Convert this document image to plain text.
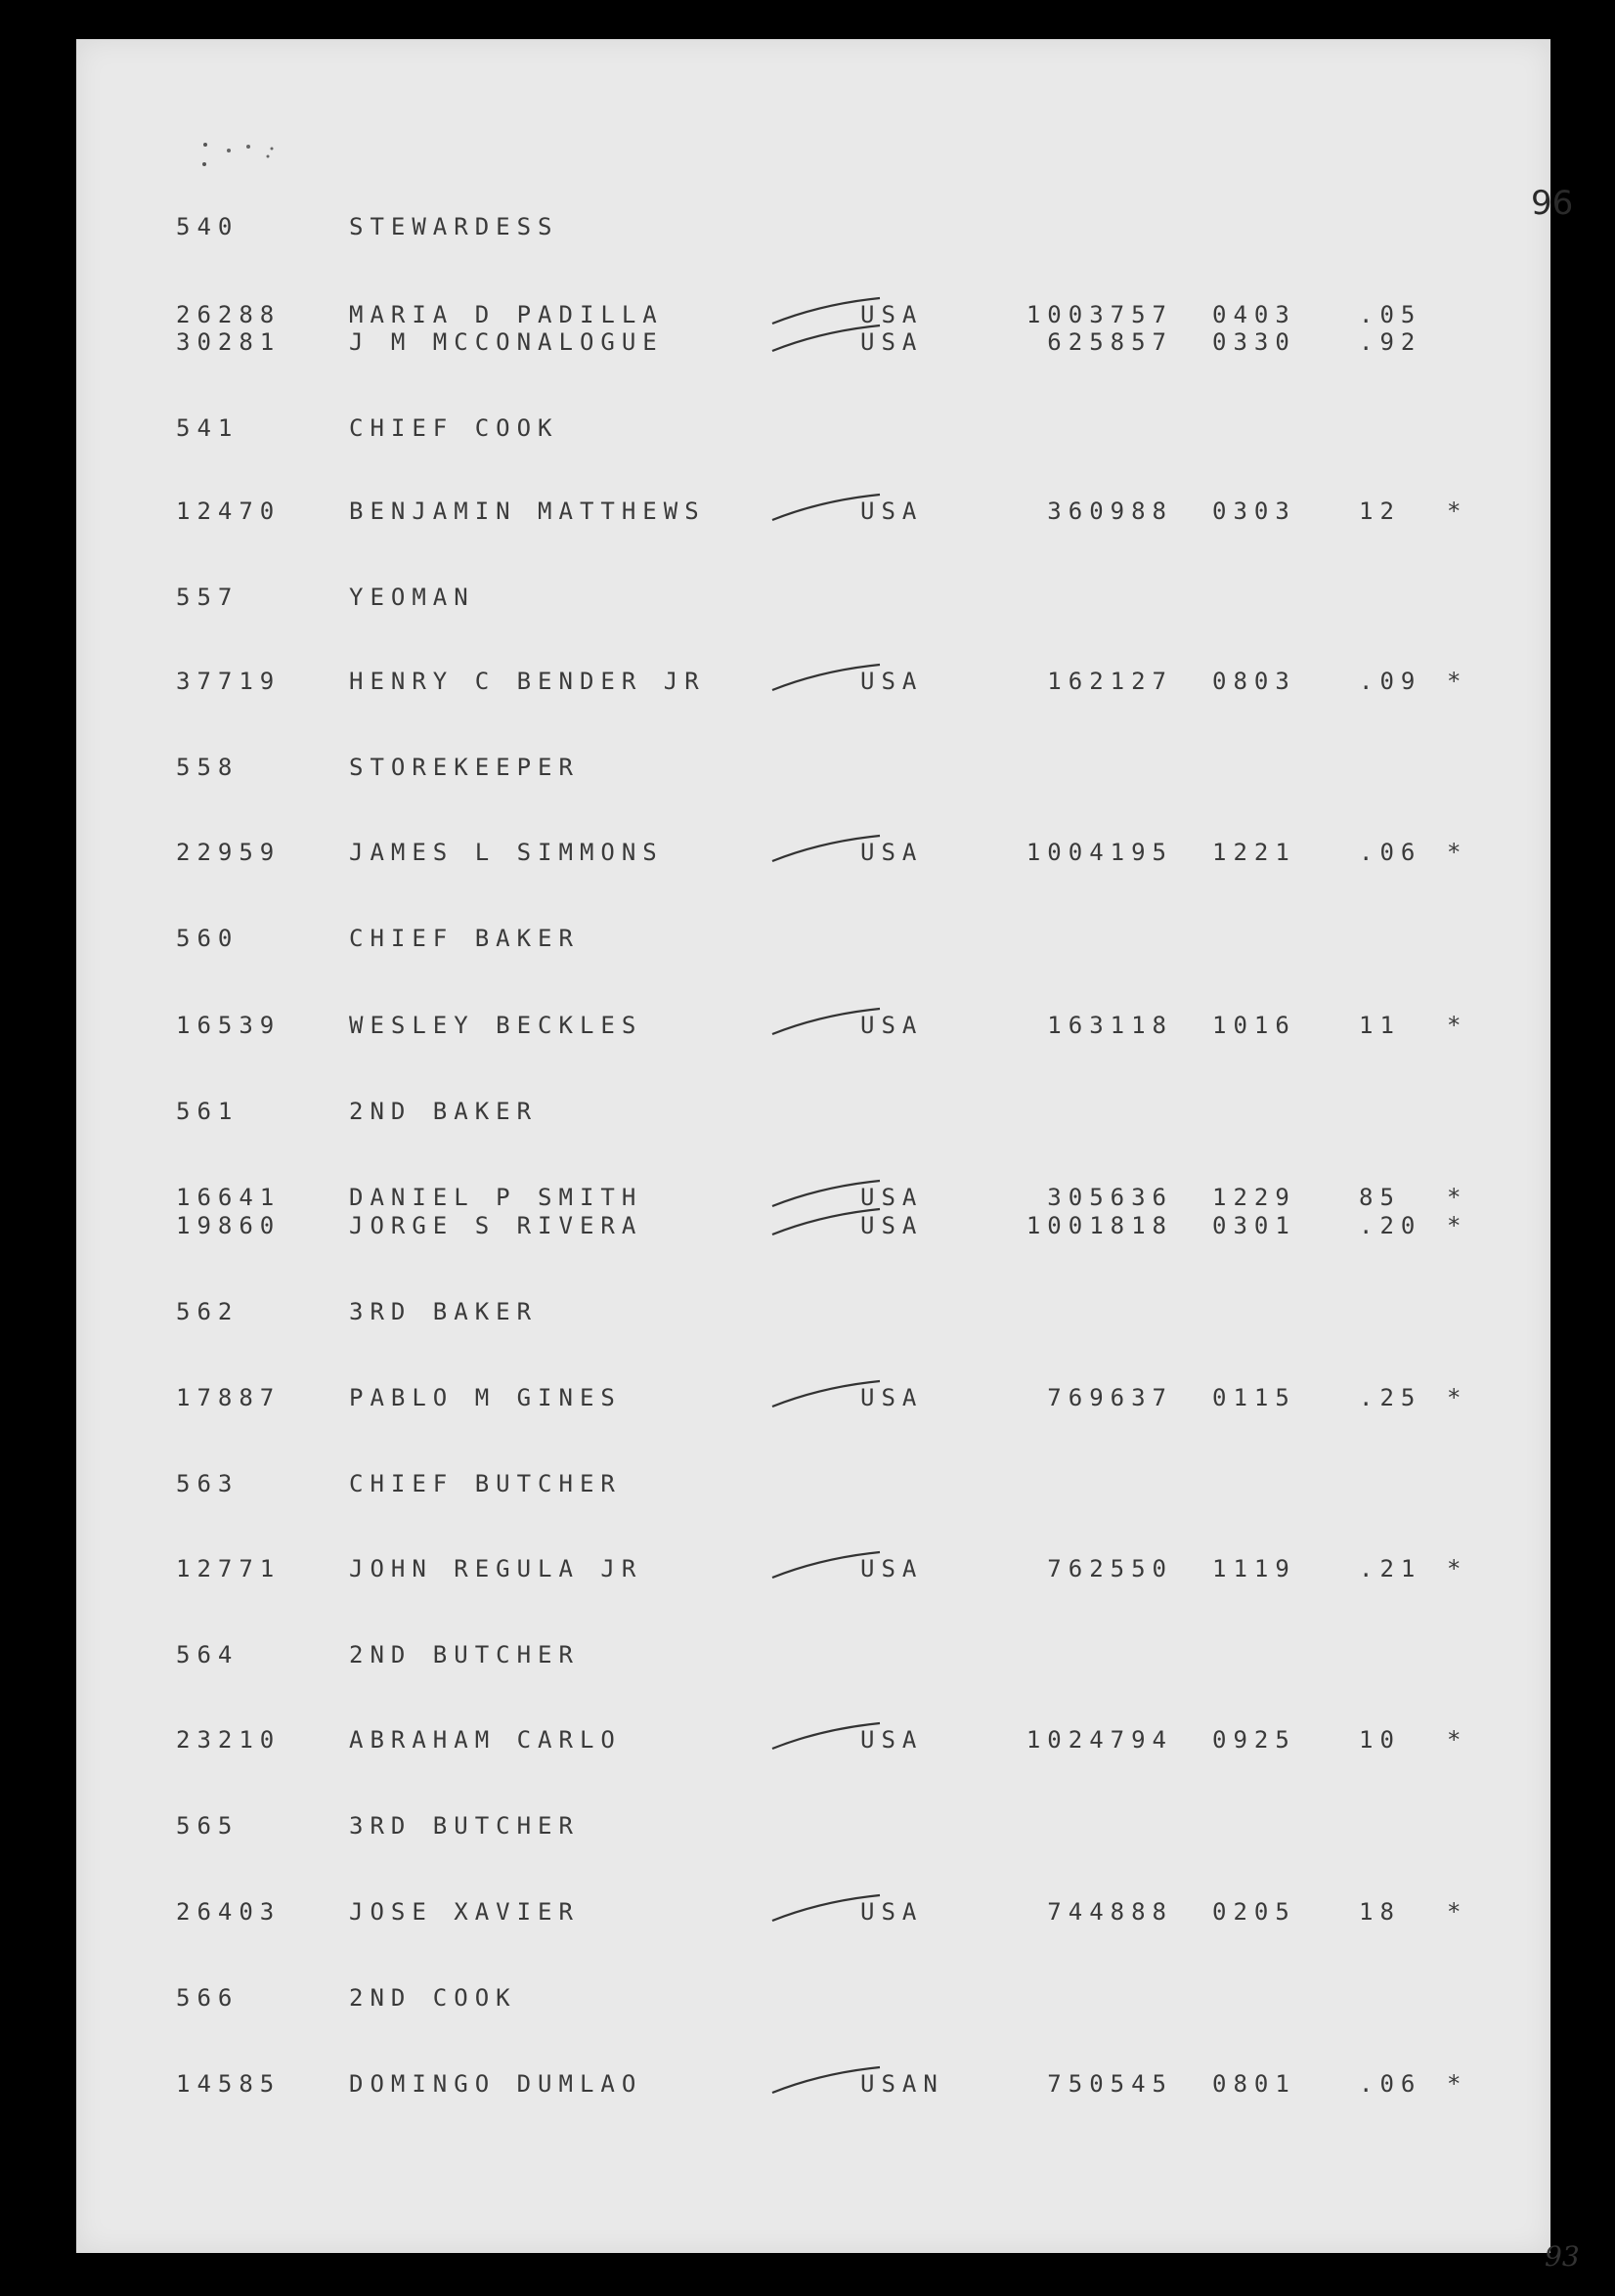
96
93
540	STEWARDESS
26288	MARIA D PADILLA	USA	1003757 0403	.05
30281	J M MCCONALOGUE	USA	625857 0330	.92
541	CHIEF COOK
12470	BENJAMIN MATTHEWS	USA	360988 0303	12 *
557	YEOMAN
37719	HENRY C BENDER JR	USA	162127 0803	.09 *
558	STOREKEEPER
22959	JAMES L SIMMONS	USA	1004195 1221	.06 *
560	CHIEF BAKER
16539	WESLEY BECKLES	USA	163118 1016	11 *
561	2ND BAKER
16641	DANIEL P SMITH	USA	305636 1229	85 *
19860	JORGE S RIVERA	USA	1001818 0301	.20 *
562	3RD BAKER
17887	PABLO M GINES	USA	769637 0115	.25 *
563	CHIEF BUTCHER
12771	JOHN REGULA JR	USA	762550 1119	.21 *
564	2ND BUTCHER
23210	ABRAHAM CARLO	USA	1024794 0925	10 *
565	3RD BUTCHER
26403	JOSE XAVIER	USA	744888 0205	18 *
566	2ND COOK
14585	DOMINGO DUMLAO	USAN	750545 0801	.06 *
